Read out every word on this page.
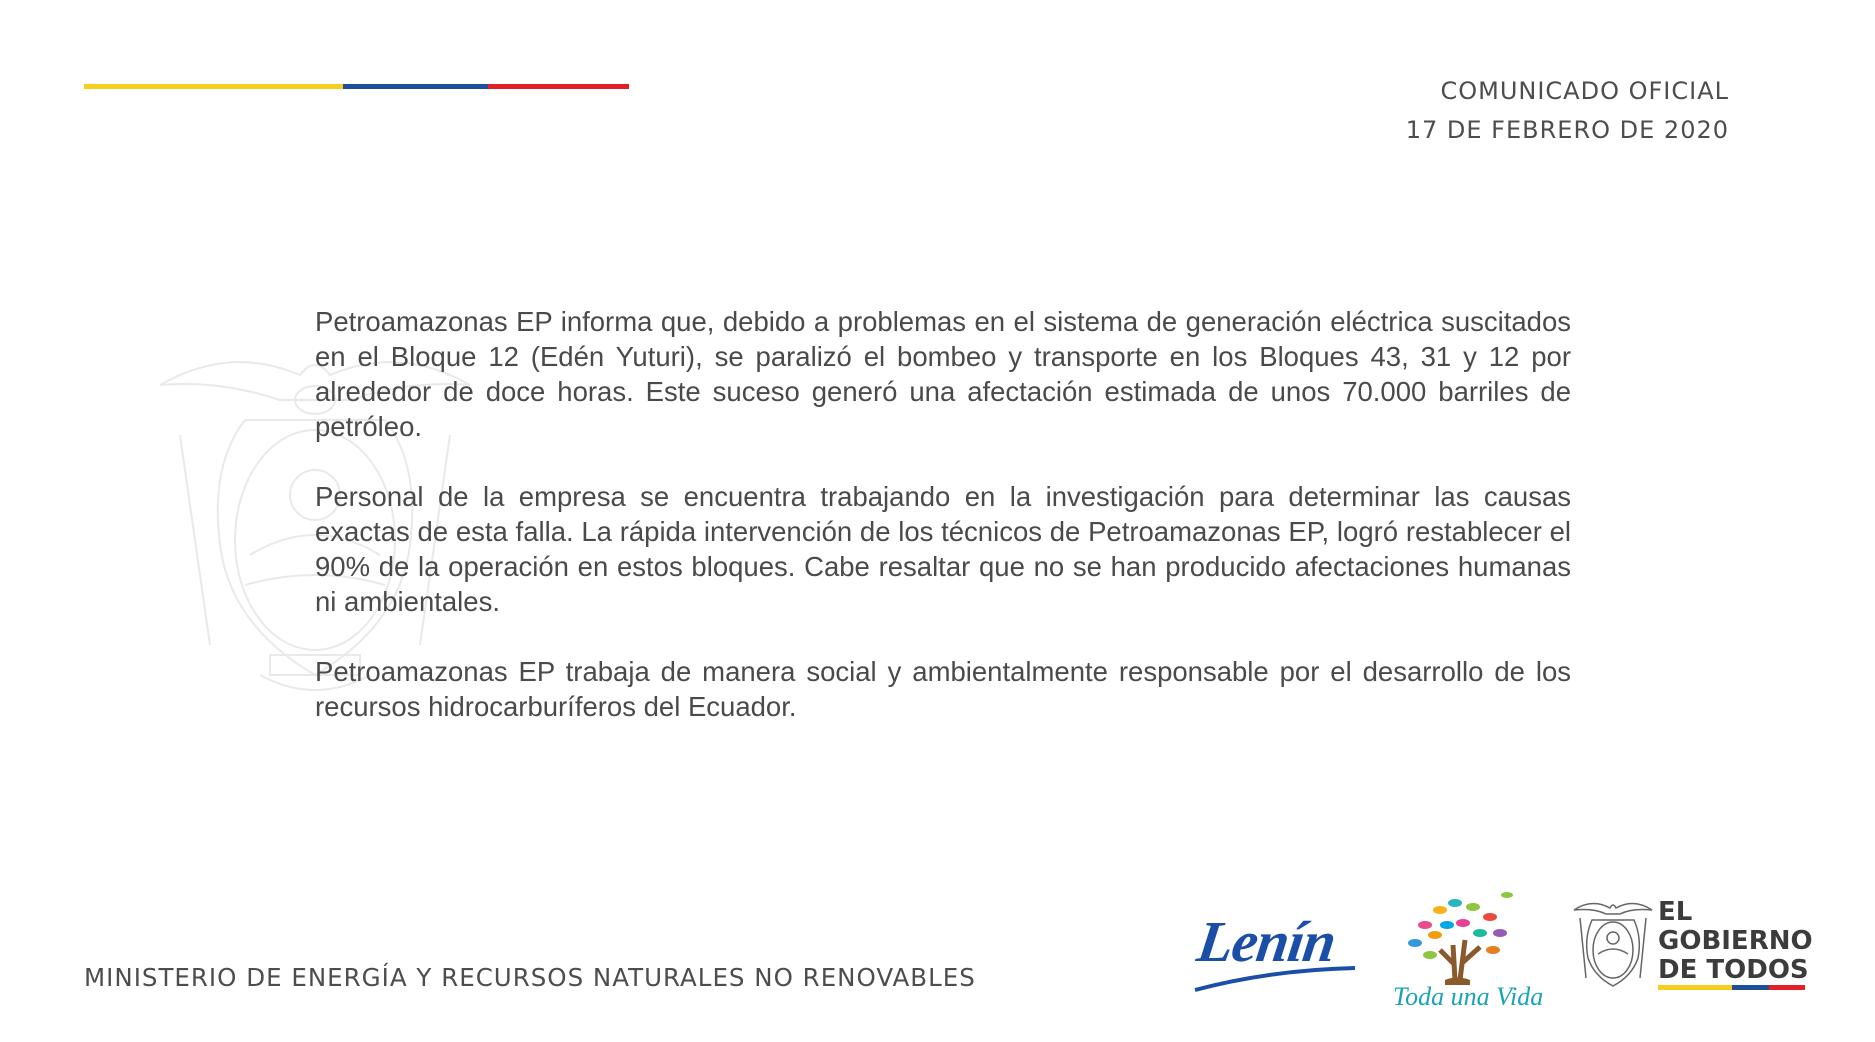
COMUNICADO OFICIAL
17 DE FEBRERO DE 2020

Petroamazonas EP informa que, debido a problemas en el sistema de generación eléctrica suscitados en el Bloque 12 (Edén Yuturi), se paralizó el bombeo y transporte en los Bloques 43, 31 y 12 por alrededor de doce horas. Este suceso generó una afectación estimada de unos 70.000 barriles de petróleo.

Personal de la empresa se encuentra trabajando en la investigación para determinar las causas exactas de esta falla. La rápida intervención de los técnicos de Petroamazonas EP, logró restablecer el 90% de la operación en estos bloques. Cabe resaltar que no se han producido afectaciones humanas ni ambientales.

Petroamazonas EP trabaja de manera social y ambientalmente responsable por el desarrollo de los recursos hidrocarburíferos del Ecuador.

MINISTERIO DE ENERGÍA Y RECURSOS NATURALES NO RENOVABLES
Lenín
Toda una Vida
EL
GOBIERNO
DE TODOS
